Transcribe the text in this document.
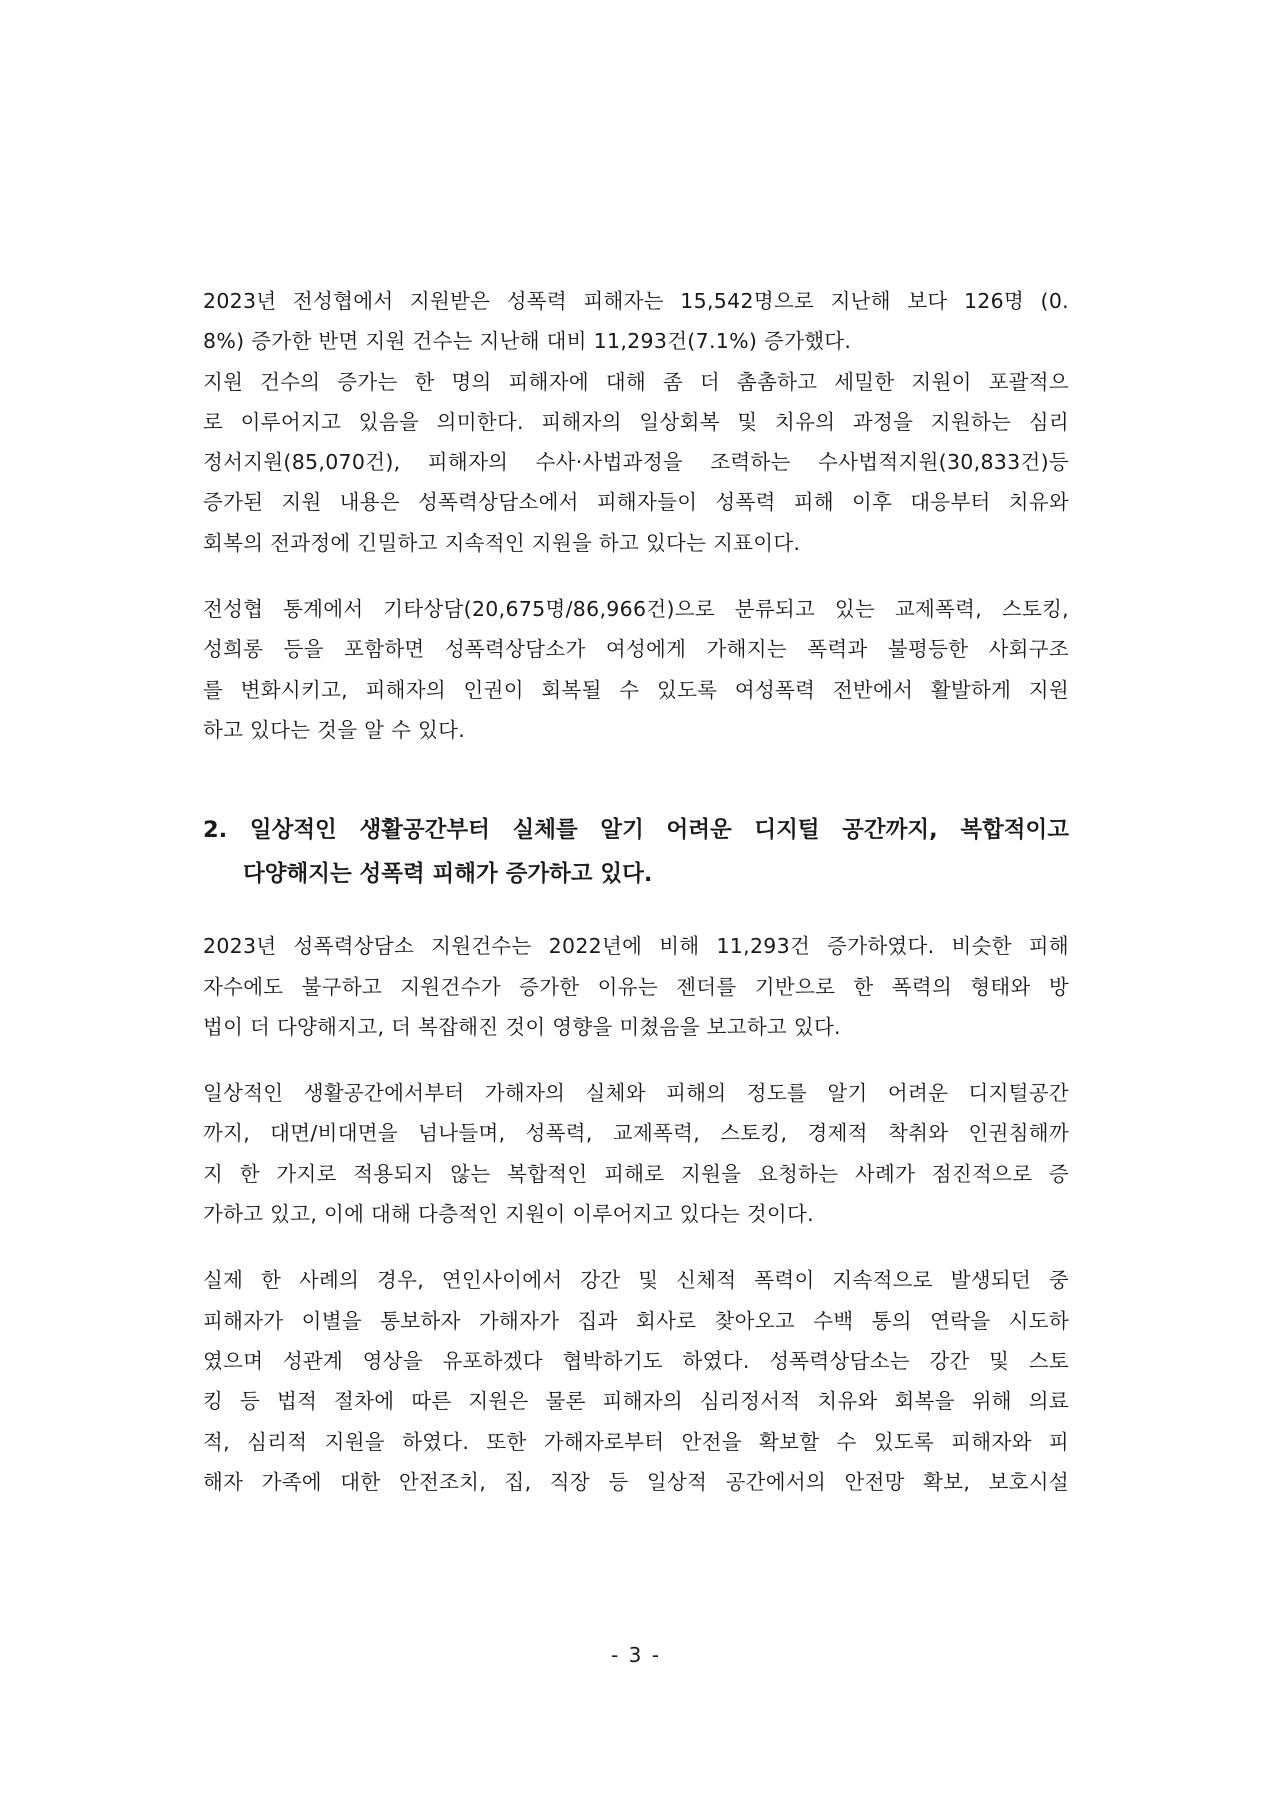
2023년 전성협에서 지원받은 성폭력 피해자는 15,542명으로 지난해 보다 126명 (0.
8%) 증가한 반면 지원 건수는 지난해 대비 11,293건(7.1%) 증가했다.
지원 건수의 증가는 한 명의 피해자에 대해 좀 더 촘촘하고 세밀한 지원이 포괄적으
로 이루어지고 있음을 의미한다. 피해자의 일상회복 및 치유의 과정을 지원하는 심리
정서지원(85,070건), 피해자의 수사·사법과정을 조력하는 수사법적지원(30,833건)등
증가된 지원 내용은 성폭력상담소에서 피해자들이 성폭력 피해 이후 대응부터 치유와
회복의 전과정에 긴밀하고 지속적인 지원을 하고 있다는 지표이다.
전성협 통계에서 기타상담(20,675명/86,966건)으로 분류되고 있는 교제폭력, 스토킹,
성희롱 등을 포함하면 성폭력상담소가 여성에게 가해지는 폭력과 불평등한 사회구조
를 변화시키고, 피해자의 인권이 회복될 수 있도록 여성폭력 전반에서 활발하게 지원
하고 있다는 것을 알 수 있다.
2. 일상적인 생활공간부터 실체를 알기 어려운 디지털 공간까지, 복합적이고
다양해지는 성폭력 피해가 증가하고 있다.
2023년 성폭력상담소 지원건수는 2022년에 비해 11,293건 증가하였다. 비슷한 피해
자수에도 불구하고 지원건수가 증가한 이유는 젠더를 기반으로 한 폭력의 형태와 방
법이 더 다양해지고, 더 복잡해진 것이 영향을 미쳤음을 보고하고 있다.
일상적인 생활공간에서부터 가해자의 실체와 피해의 정도를 알기 어려운 디지털공간
까지, 대면/비대면을 넘나들며, 성폭력, 교제폭력, 스토킹, 경제적 착취와 인권침해까
지 한 가지로 적용되지 않는 복합적인 피해로 지원을 요청하는 사례가 점진적으로 증
가하고 있고, 이에 대해 다층적인 지원이 이루어지고 있다는 것이다.
실제 한 사례의 경우, 연인사이에서 강간 및 신체적 폭력이 지속적으로 발생되던 중
피해자가 이별을 통보하자 가해자가 집과 회사로 찾아오고 수백 통의 연락을 시도하
였으며 성관계 영상을 유포하겠다 협박하기도 하였다. 성폭력상담소는 강간 및 스토
킹 등 법적 절차에 따른 지원은 물론 피해자의 심리정서적 치유와 회복을 위해 의료
적, 심리적 지원을 하였다. 또한 가해자로부터 안전을 확보할 수 있도록 피해자와 피
해자 가족에 대한 안전조치, 집, 직장 등 일상적 공간에서의 안전망 확보, 보호시설
- 3 -
